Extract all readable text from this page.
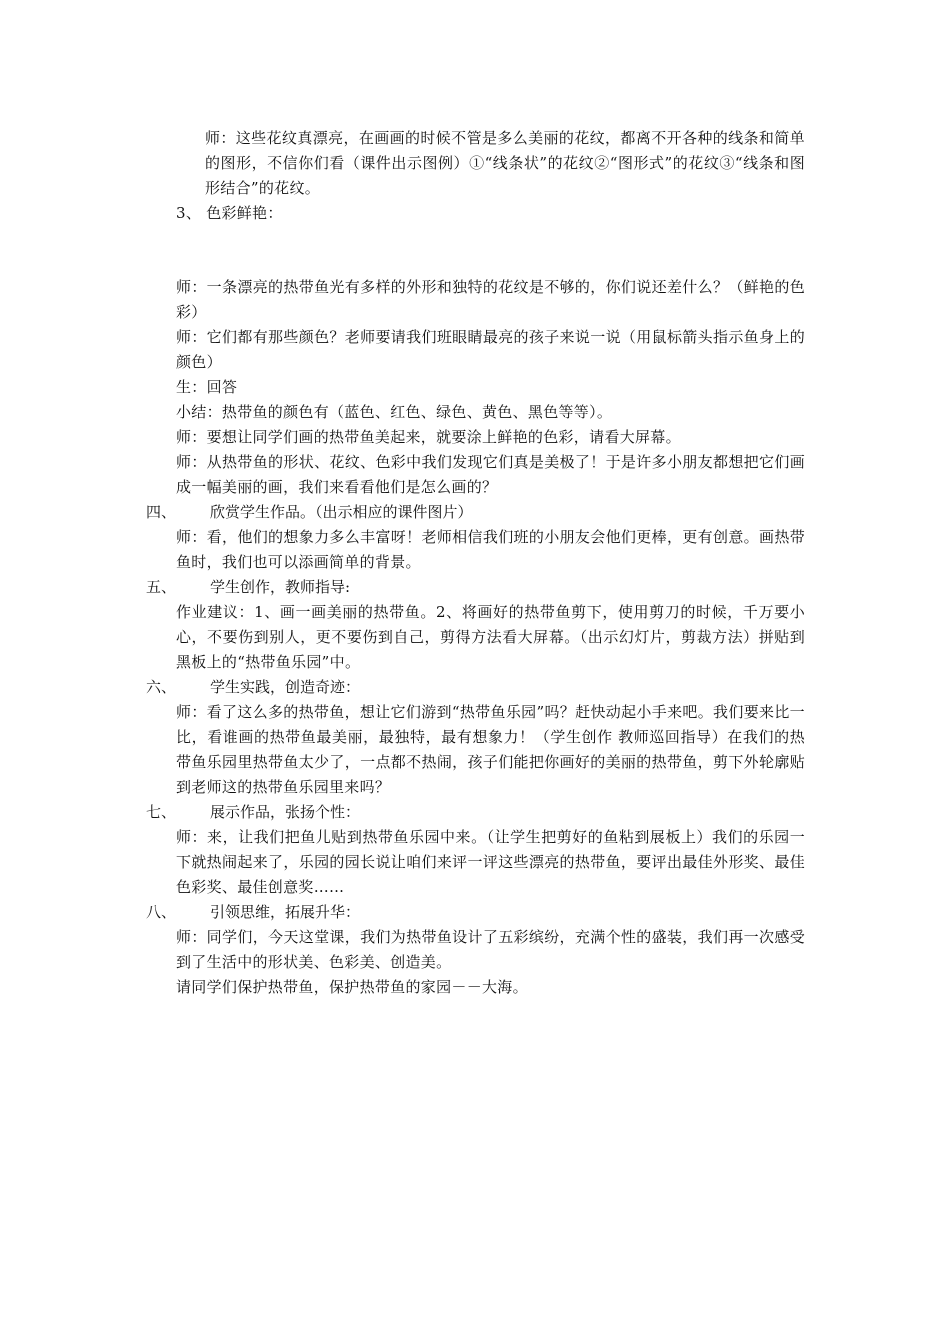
师：这些花纹真漂亮，在画画的时候不管是多么美丽的花纹，都离不开各种的线条和简单的图形，不信你们看（课件出示图例）①“线条状”的花纹②“图形式”的花纹③“线条和图形结合”的花纹。

3、 色彩鲜艳：

师：一条漂亮的热带鱼光有多样的外形和独特的花纹是不够的，你们说还差什么？（鲜艳的色彩）

师：它们都有那些颜色？老师要请我们班眼睛最亮的孩子来说一说（用鼠标箭头指示鱼身上的颜色）

生：回答

小结：热带鱼的颜色有（蓝色、红色、绿色、黄色、黑色等等）。

师：要想让同学们画的热带鱼美起来，就要涂上鲜艳的色彩，请看大屏幕。

师：从热带鱼的形状、花纹、色彩中我们发现它们真是美极了！于是许多小朋友都想把它们画成一幅美丽的画，我们来看看他们是怎么画的？

四、 欣赏学生作品。（出示相应的课件图片）

师：看，他们的想象力多么丰富呀！老师相信我们班的小朋友会他们更棒，更有创意。画热带鱼时，我们也可以添画简单的背景。

五、 学生创作，教师指导:

作业建议：1、画一画美丽的热带鱼。2、将画好的热带鱼剪下，使用剪刀的时候，千万要小心，不要伤到别人，更不要伤到自己，剪得方法看大屏幕。（出示幻灯片，剪裁方法）拼贴到黑板上的“热带鱼乐园”中。

六、 学生实践，创造奇迹：

师：看了这么多的热带鱼，想让它们游到“热带鱼乐园”吗？赶快动起小手来吧。我们要来比一比，看谁画的热带鱼最美丽，最独特，最有想象力！（学生创作 教师巡回指导）在我们的热带鱼乐园里热带鱼太少了，一点都不热闹，孩子们能把你画好的美丽的热带鱼，剪下外轮廓贴到老师这的热带鱼乐园里来吗？

七、 展示作品，张扬个性：

师：来，让我们把鱼儿贴到热带鱼乐园中来。（让学生把剪好的鱼粘到展板上）我们的乐园一下就热闹起来了，乐园的园长说让咱们来评一评这些漂亮的热带鱼，要评出最佳外形奖、最佳色彩奖、最佳创意奖……

八、 引领思维，拓展升华：

师：同学们，今天这堂课，我们为热带鱼设计了五彩缤纷，充满个性的盛装，我们再一次感受到了生活中的形状美、色彩美、创造美。

请同学们保护热带鱼，保护热带鱼的家园－－大海。
